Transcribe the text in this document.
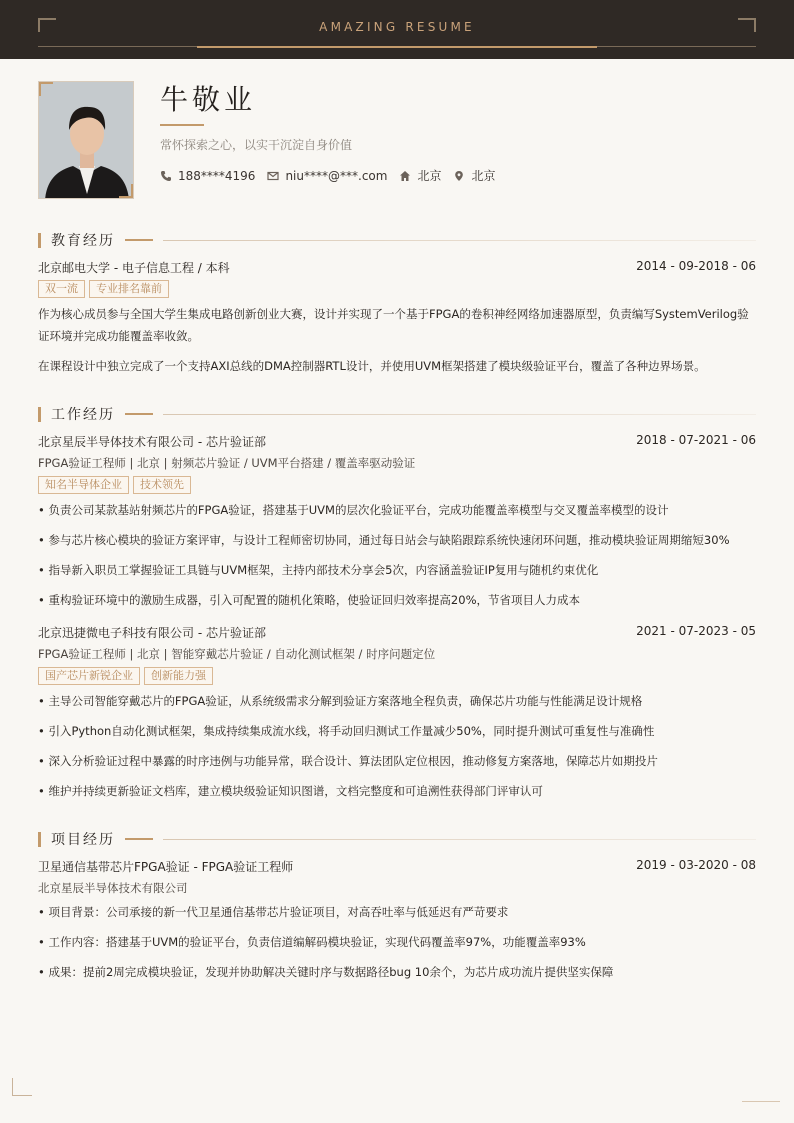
AMAZING RESUME
牛敬业
常怀探索之心，以实干沉淀自身价值
188****4196	niu****@***.com	北京	北京
教育经历
北京邮电大学 - 电子信息工程 / 本科	2014 - 09-2018 - 06
双一流	专业排名靠前
作为核心成员参与全国大学生集成电路创新创业大赛，设计并实现了一个基于FPGA的卷积神经网络加速器原型，负责编写SystemVerilog验证环境并完成功能覆盖率收敛。
在课程设计中独立完成了一个支持AXI总线的DMA控制器RTL设计，并使用UVM框架搭建了模块级验证平台，覆盖了各种边界场景。
工作经历
北京星辰半导体技术有限公司 - 芯片验证部	2018 - 07-2021 - 06
FPGA验证工程师 | 北京 | 射频芯片验证 / UVM平台搭建 / 覆盖率驱动验证
知名半导体企业	技术领先
• 负责公司某款基站射频芯片的FPGA验证，搭建基于UVM的层次化验证平台，完成功能覆盖率模型与交叉覆盖率模型的设计
• 参与芯片核心模块的验证方案评审，与设计工程师密切协同，通过每日站会与缺陷跟踪系统快速闭环问题，推动模块验证周期缩短30%
• 指导新入职员工掌握验证工具链与UVM框架，主持内部技术分享会5次，内容涵盖验证IP复用与随机约束优化
• 重构验证环境中的激励生成器，引入可配置的随机化策略，使验证回归效率提高20%，节省项目人力成本
北京迅捷微电子科技有限公司 - 芯片验证部	2021 - 07-2023 - 05
FPGA验证工程师 | 北京 | 智能穿戴芯片验证 / 自动化测试框架 / 时序问题定位
国产芯片新锐企业	创新能力强
• 主导公司智能穿戴芯片的FPGA验证，从系统级需求分解到验证方案落地全程负责，确保芯片功能与性能满足设计规格
• 引入Python自动化测试框架，集成持续集成流水线，将手动回归测试工作量减少50%，同时提升测试可重复性与准确性
• 深入分析验证过程中暴露的时序违例与功能异常，联合设计、算法团队定位根因，推动修复方案落地，保障芯片如期投片
• 维护并持续更新验证文档库，建立模块级验证知识图谱，文档完整度和可追溯性获得部门评审认可
项目经历
卫星通信基带芯片FPGA验证 - FPGA验证工程师	2019 - 03-2020 - 08
北京星辰半导体技术有限公司
• 项目背景：公司承接的新一代卫星通信基带芯片验证项目，对高吞吐率与低延迟有严苛要求
• 工作内容：搭建基于UVM的验证平台，负责信道编解码模块验证，实现代码覆盖率97%，功能覆盖率93%
• 成果：提前2周完成模块验证，发现并协助解决关键时序与数据路径bug 10余个，为芯片成功流片提供坚实保障
